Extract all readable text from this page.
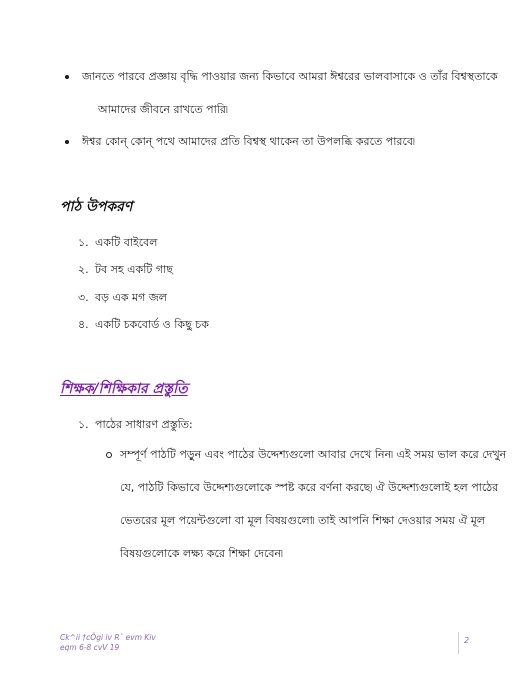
জানতে পারবে প্রজ্ঞায় বৃদ্ধি পাওয়ার জন্য কিভাবে আমরা ঈশ্বরের ভালবাসাকে ও তাঁর বিশ্বস্থতাকে
আমাদের জীবনে রাখতে পারি৷
ঈশ্বর কোন্‌ কোন্‌ পথে আমাদের প্রতি বিশ্বস্থ থাকেন তা উপলব্ধি করতে পারবে৷
পাঠ উপকরণ
১. একটি বাইবেল
২. টব সহ একটি গাছ
৩. বড় এক মগ জল
৪. একটি চকবোর্ড ও কিছু চক
শিক্ষক/শিক্ষিকার প্রস্তুতি
১. পাঠের সাধারণ প্রস্তুতি:
সম্পূর্ণ পাঠটি পড়ুন এবং পাঠের উদ্দেশ্যগুলো আবার দেখে নিন৷ এই সময় ভাল করে দেখুন
যে, পাঠটি কিভাবে উদ্দেশ্যগুলোকে স্পষ্ট করে বর্ণনা করছে৷ ঐ উদ্দেশ্যগুলোই হল পাঠের
ভেতরের মূল পয়েন্টগুলো বা মূল বিষয়গুলো৷ তাই আপনি শিক্ষা দেওয়ার সময় ঐ মূল
বিষয়গুলোকে লক্ষ্য করে শিক্ষা দেবেন৷
Ck^ii †cÖgi iv R¨ evm Kiv
eqm 6-8 cvV 19
2
